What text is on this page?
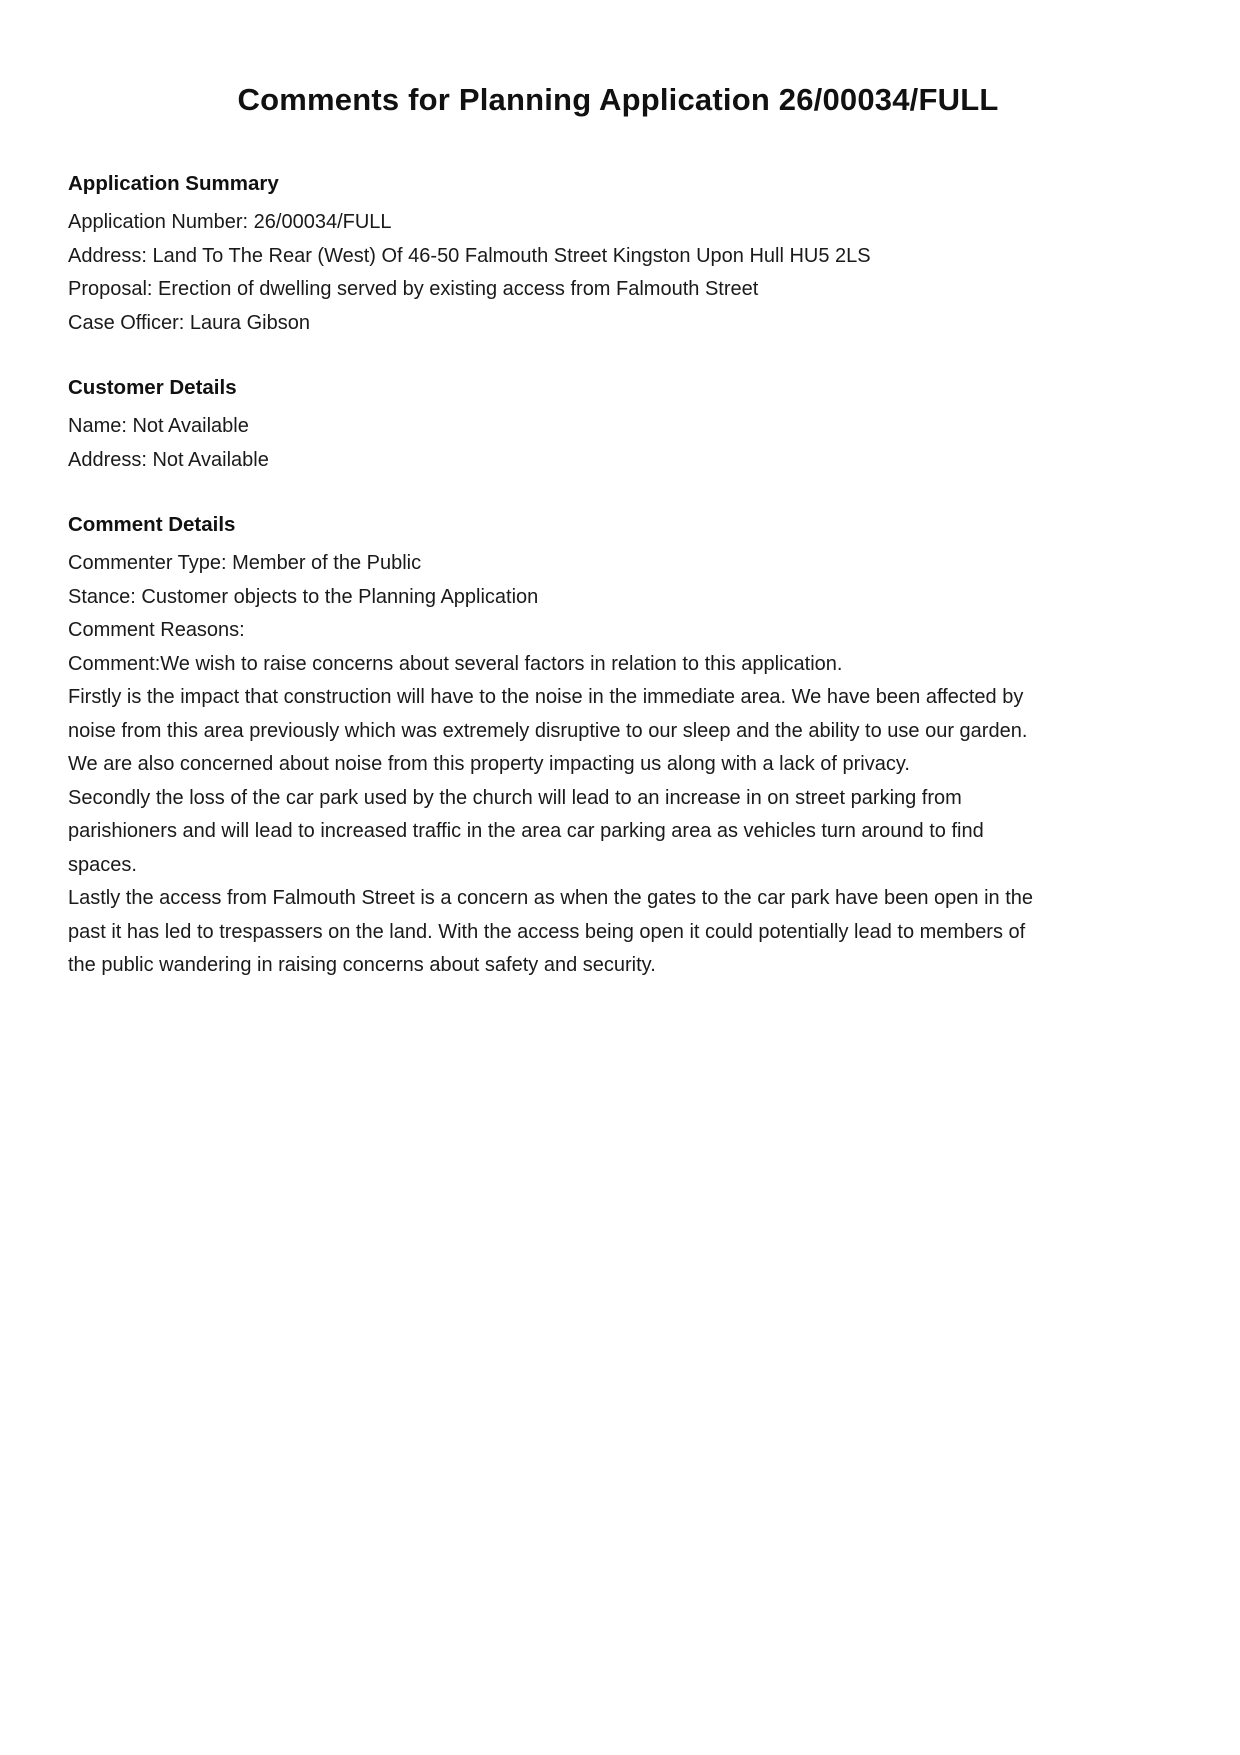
Comments for Planning Application 26/00034/FULL
Application Summary

Application Number: 26/00034/FULL

Address: Land To The Rear (West) Of 46-50 Falmouth Street Kingston Upon Hull HU5 2LS

Proposal: Erection of dwelling served by existing access from Falmouth Street

Case Officer: Laura Gibson

Customer Details

Name: Not Available

Address: Not Available

Comment Details

Commenter Type: Member of the Public

Stance: Customer objects to the Planning Application

Comment Reasons:

Comment:We wish to raise concerns about several factors in relation to this application.

Firstly is the impact that construction will have to the noise in the immediate area. We have been affected by noise from this area previously which was extremely disruptive to our sleep and the ability to use our garden. We are also concerned about noise from this property impacting us along with a lack of privacy.

Secondly the loss of the car park used by the church will lead to an increase in on street parking from parishioners and will lead to increased traffic in the area car parking area as vehicles turn around to find spaces.

Lastly the access from Falmouth Street is a concern as when the gates to the car park have been open in the past it has led to trespassers on the land. With the access being open it could potentially lead to members of the public wandering in raising concerns about safety and security.
